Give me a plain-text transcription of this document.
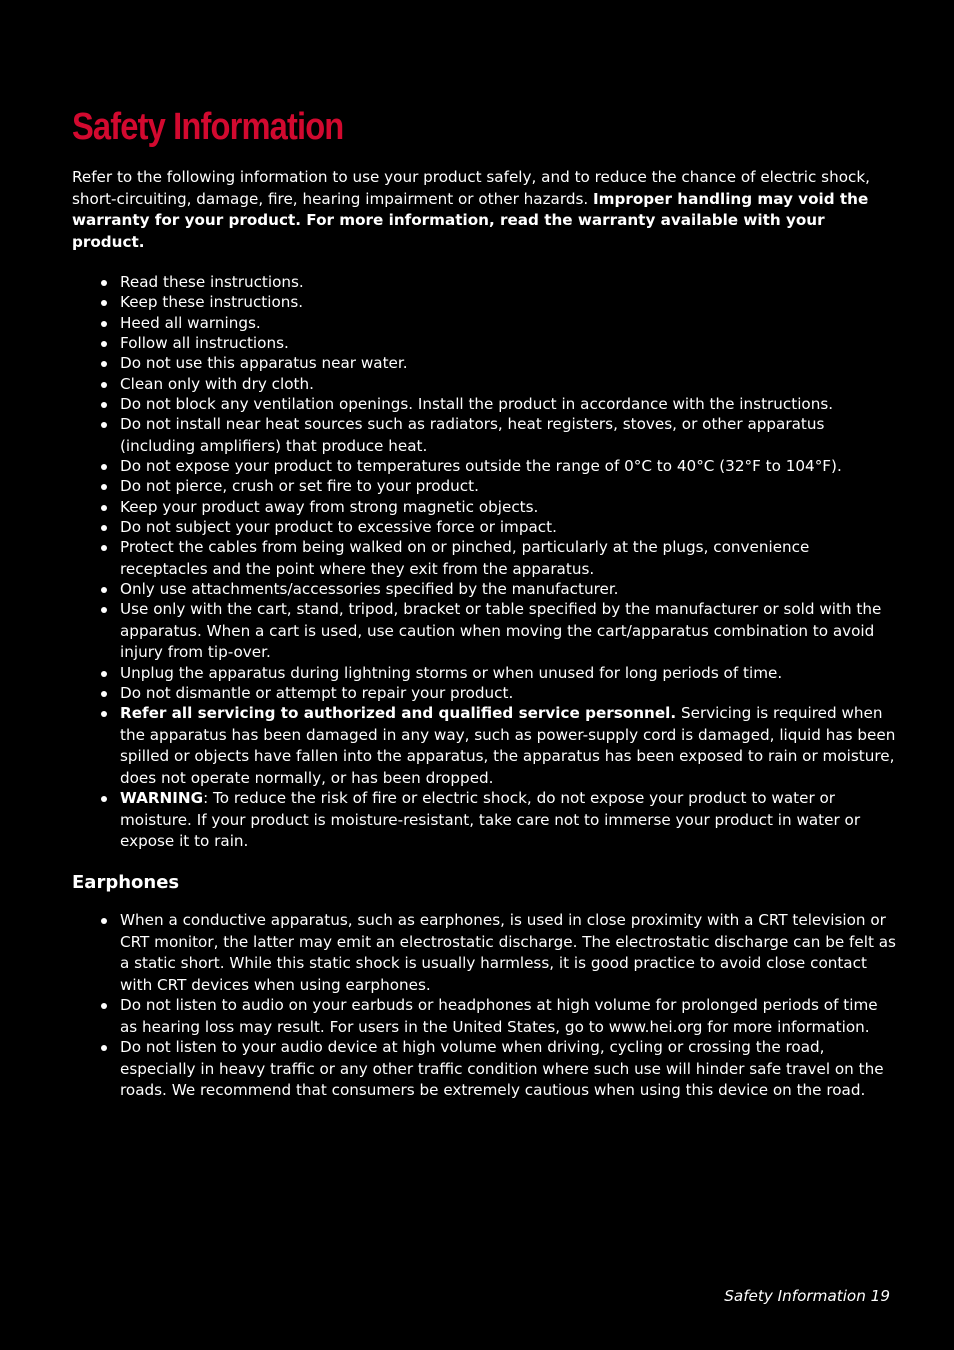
Safety Information

Refer to the following information to use your product safely, and to reduce the chance of electric shock, short-circuiting, damage, fire, hearing impairment or other hazards. Improper handling may void the warranty for your product. For more information, read the warranty available with your product.

Read these instructions.
Keep these instructions.
Heed all warnings.
Follow all instructions.
Do not use this apparatus near water.
Clean only with dry cloth.
Do not block any ventilation openings. Install the product in accordance with the instructions.
Do not install near heat sources such as radiators, heat registers, stoves, or other apparatus (including amplifiers) that produce heat.
Do not expose your product to temperatures outside the range of 0°C to 40°C (32°F to 104°F).
Do not pierce, crush or set fire to your product.
Keep your product away from strong magnetic objects.
Do not subject your product to excessive force or impact.
Protect the cables from being walked on or pinched, particularly at the plugs, convenience receptacles and the point where they exit from the apparatus.
Only use attachments/accessories specified by the manufacturer.
Use only with the cart, stand, tripod, bracket or table specified by the manufacturer or sold with the apparatus. When a cart is used, use caution when moving the cart/apparatus combination to avoid injury from tip-over.
Unplug the apparatus during lightning storms or when unused for long periods of time.
Do not dismantle or attempt to repair your product.
Refer all servicing to authorized and qualified service personnel. Servicing is required when the apparatus has been damaged in any way, such as power-supply cord is damaged, liquid has been spilled or objects have fallen into the apparatus, the apparatus has been exposed to rain or moisture, does not operate normally, or has been dropped.
WARNING: To reduce the risk of fire or electric shock, do not expose your product to water or moisture. If your product is moisture-resistant, take care not to immerse your product in water or expose it to rain.
Earphones
When a conductive apparatus, such as earphones, is used in close proximity with a CRT television or CRT monitor, the latter may emit an electrostatic discharge. The electrostatic discharge can be felt as a static short. While this static shock is usually harmless, it is good practice to avoid close contact with CRT devices when using earphones.
Do not listen to audio on your earbuds or headphones at high volume for prolonged periods of time as hearing loss may result. For users in the United States, go to www.hei.org for more information.
Do not listen to your audio device at high volume when driving, cycling or crossing the road, especially in heavy traffic or any other traffic condition where such use will hinder safe travel on the roads. We recommend that consumers be extremely cautious when using this device on the road.
Safety Information 19
